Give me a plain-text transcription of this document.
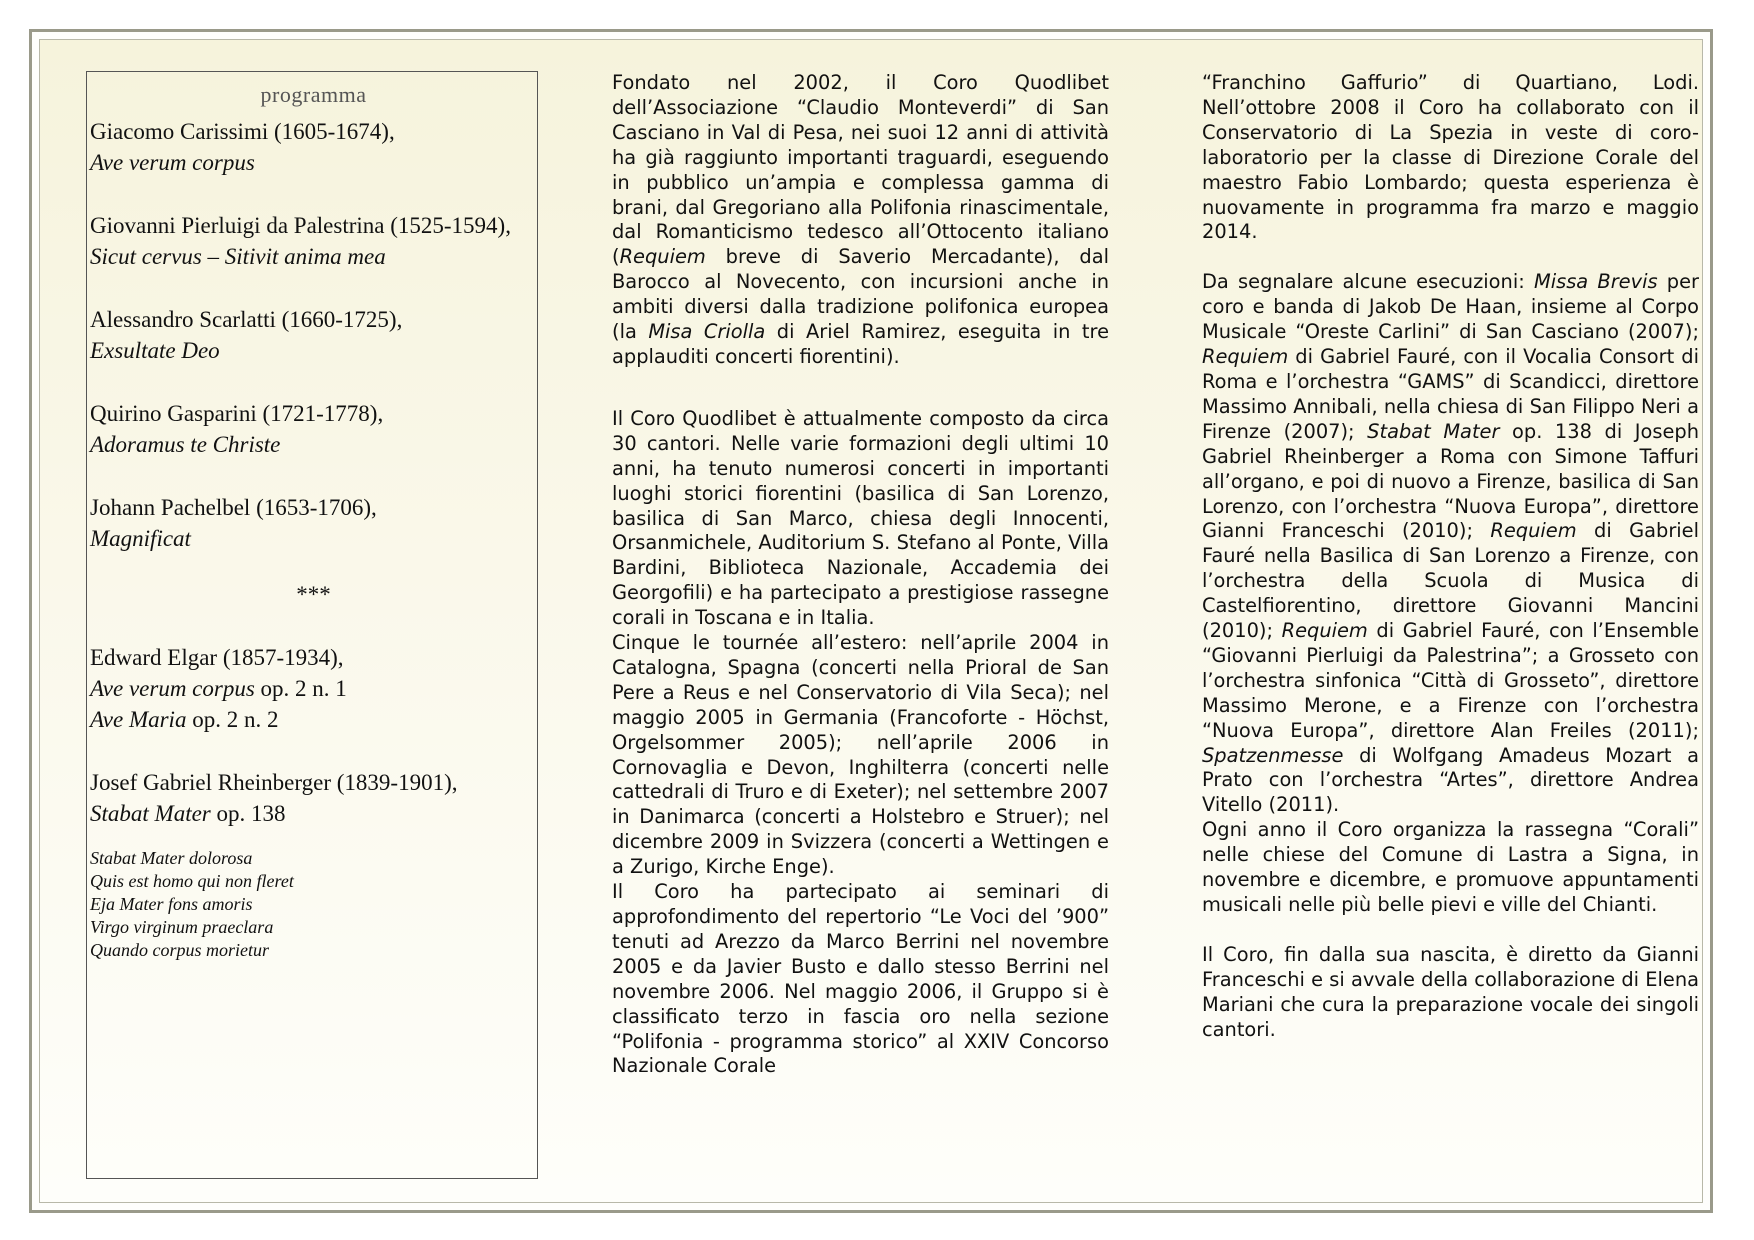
programma
Giacomo Carissimi (1605-1674),
Ave verum corpus
Giovanni Pierluigi da Palestrina (1525-1594),
Sicut cervus – Sitivit anima mea
Alessandro Scarlatti (1660-1725),
Exsultate Deo
Quirino Gasparini (1721-1778),
Adoramus te Christe
Johann Pachelbel (1653-1706),
Magnificat
***
Edward Elgar (1857-1934),
Ave verum corpus op. 2 n. 1
Ave Maria op. 2 n. 2
Josef Gabriel Rheinberger (1839-1901),
Stabat Mater op. 138
Stabat Mater dolorosa
Quis est homo qui non fleret
Eja Mater fons amoris
Virgo virginum praeclara
Quando corpus morietur

Fondato nel 2002, il Coro Quodlibet dell’Associazione “Claudio Monteverdi” di San Casciano in Val di Pesa, nei suoi 12 anni di attività ha già raggiunto importanti traguardi, eseguendo in pubblico un’ampia e complessa gamma di brani, dal Gregoriano alla Polifonia rinascimentale, dal Romanticismo tedesco all’Ottocento italiano (Requiem breve di Saverio Mercadante), dal Barocco al Novecento, con incursioni anche in ambiti diversi dalla tradizione polifonica europea (la Misa Criolla di Ariel Ramirez, eseguita in tre applauditi concerti fiorentini).

Il Coro Quodlibet è attualmente composto da circa 30 cantori. Nelle varie formazioni degli ultimi 10 anni, ha tenuto numerosi concerti in importanti luoghi storici fiorentini (basilica di San Lorenzo, basilica di San Marco, chiesa degli Innocenti, Orsanmichele, Auditorium S. Stefano al Ponte, Villa Bardini, Biblioteca Nazionale, Accademia dei Georgofili) e ha partecipato a prestigiose rassegne corali in Toscana e in Italia.

Cinque le tournée all’estero: nell’aprile 2004 in Catalogna, Spagna (concerti nella Prioral de San Pere a Reus e nel Conservatorio di Vila Seca); nel maggio 2005 in Germania (Francoforte - Höchst, Orgelsommer 2005); nell’aprile 2006 in Cornovaglia e Devon, Inghilterra (concerti nelle cattedrali di Truro e di Exeter); nel settembre 2007 in Danimarca (concerti a Holstebro e Struer); nel dicembre 2009 in Svizzera (concerti a Wettingen e a Zurigo, Kirche Enge).

Il Coro ha partecipato ai seminari di approfondimento del repertorio “Le Voci del ’900” tenuti ad Arezzo da Marco Berrini nel novembre 2005 e da Javier Busto e dallo stesso Berrini nel novembre 2006. Nel maggio 2006, il Gruppo si è classificato terzo in fascia oro nella sezione “Polifonia - programma storico” al XXIV Concorso Nazionale Corale

“Franchino Gaffurio” di Quartiano, Lodi. Nell’ottobre 2008 il Coro ha collaborato con il Conservatorio di La Spezia in veste di coro-laboratorio per la classe di Direzione Corale del maestro Fabio Lombardo; questa esperienza è nuovamente in programma fra marzo e maggio 2014.

Da segnalare alcune esecuzioni: Missa Brevis per coro e banda di Jakob De Haan, insieme al Corpo Musicale “Oreste Carlini” di San Casciano (2007); Requiem di Gabriel Fauré, con il Vocalia Consort di Roma e l’orchestra “GAMS” di Scandicci, direttore Massimo Annibali, nella chiesa di San Filippo Neri a Firenze (2007); Stabat Mater op. 138 di Joseph Gabriel Rheinberger a Roma con Simone Taffuri all’organo, e poi di nuovo a Firenze, basilica di San Lorenzo, con l’orchestra “Nuova Europa”, direttore Gianni Franceschi (2010); Requiem di Gabriel Fauré nella Basilica di San Lorenzo a Firenze, con l’orchestra della Scuola di Musica di Castelfiorentino, direttore Giovanni Mancini (2010); Requiem di Gabriel Fauré, con l’Ensemble “Giovanni Pierluigi da Palestrina”; a Grosseto con l’orchestra sinfonica “Città di Grosseto”, direttore Massimo Merone, e a Firenze con l’orchestra “Nuova Europa”, direttore Alan Freiles (2011); Spatzenmesse di Wolfgang Amadeus Mozart a Prato con l’orchestra “Artes”, direttore Andrea Vitello (2011).

Ogni anno il Coro organizza la rassegna “Corali” nelle chiese del Comune di Lastra a Signa, in novembre e dicembre, e promuove appuntamenti musicali nelle più belle pievi e ville del Chianti.

Il Coro, fin dalla sua nascita, è diretto da Gianni Franceschi e si avvale della collaborazione di Elena Mariani che cura la preparazione vocale dei singoli cantori.
